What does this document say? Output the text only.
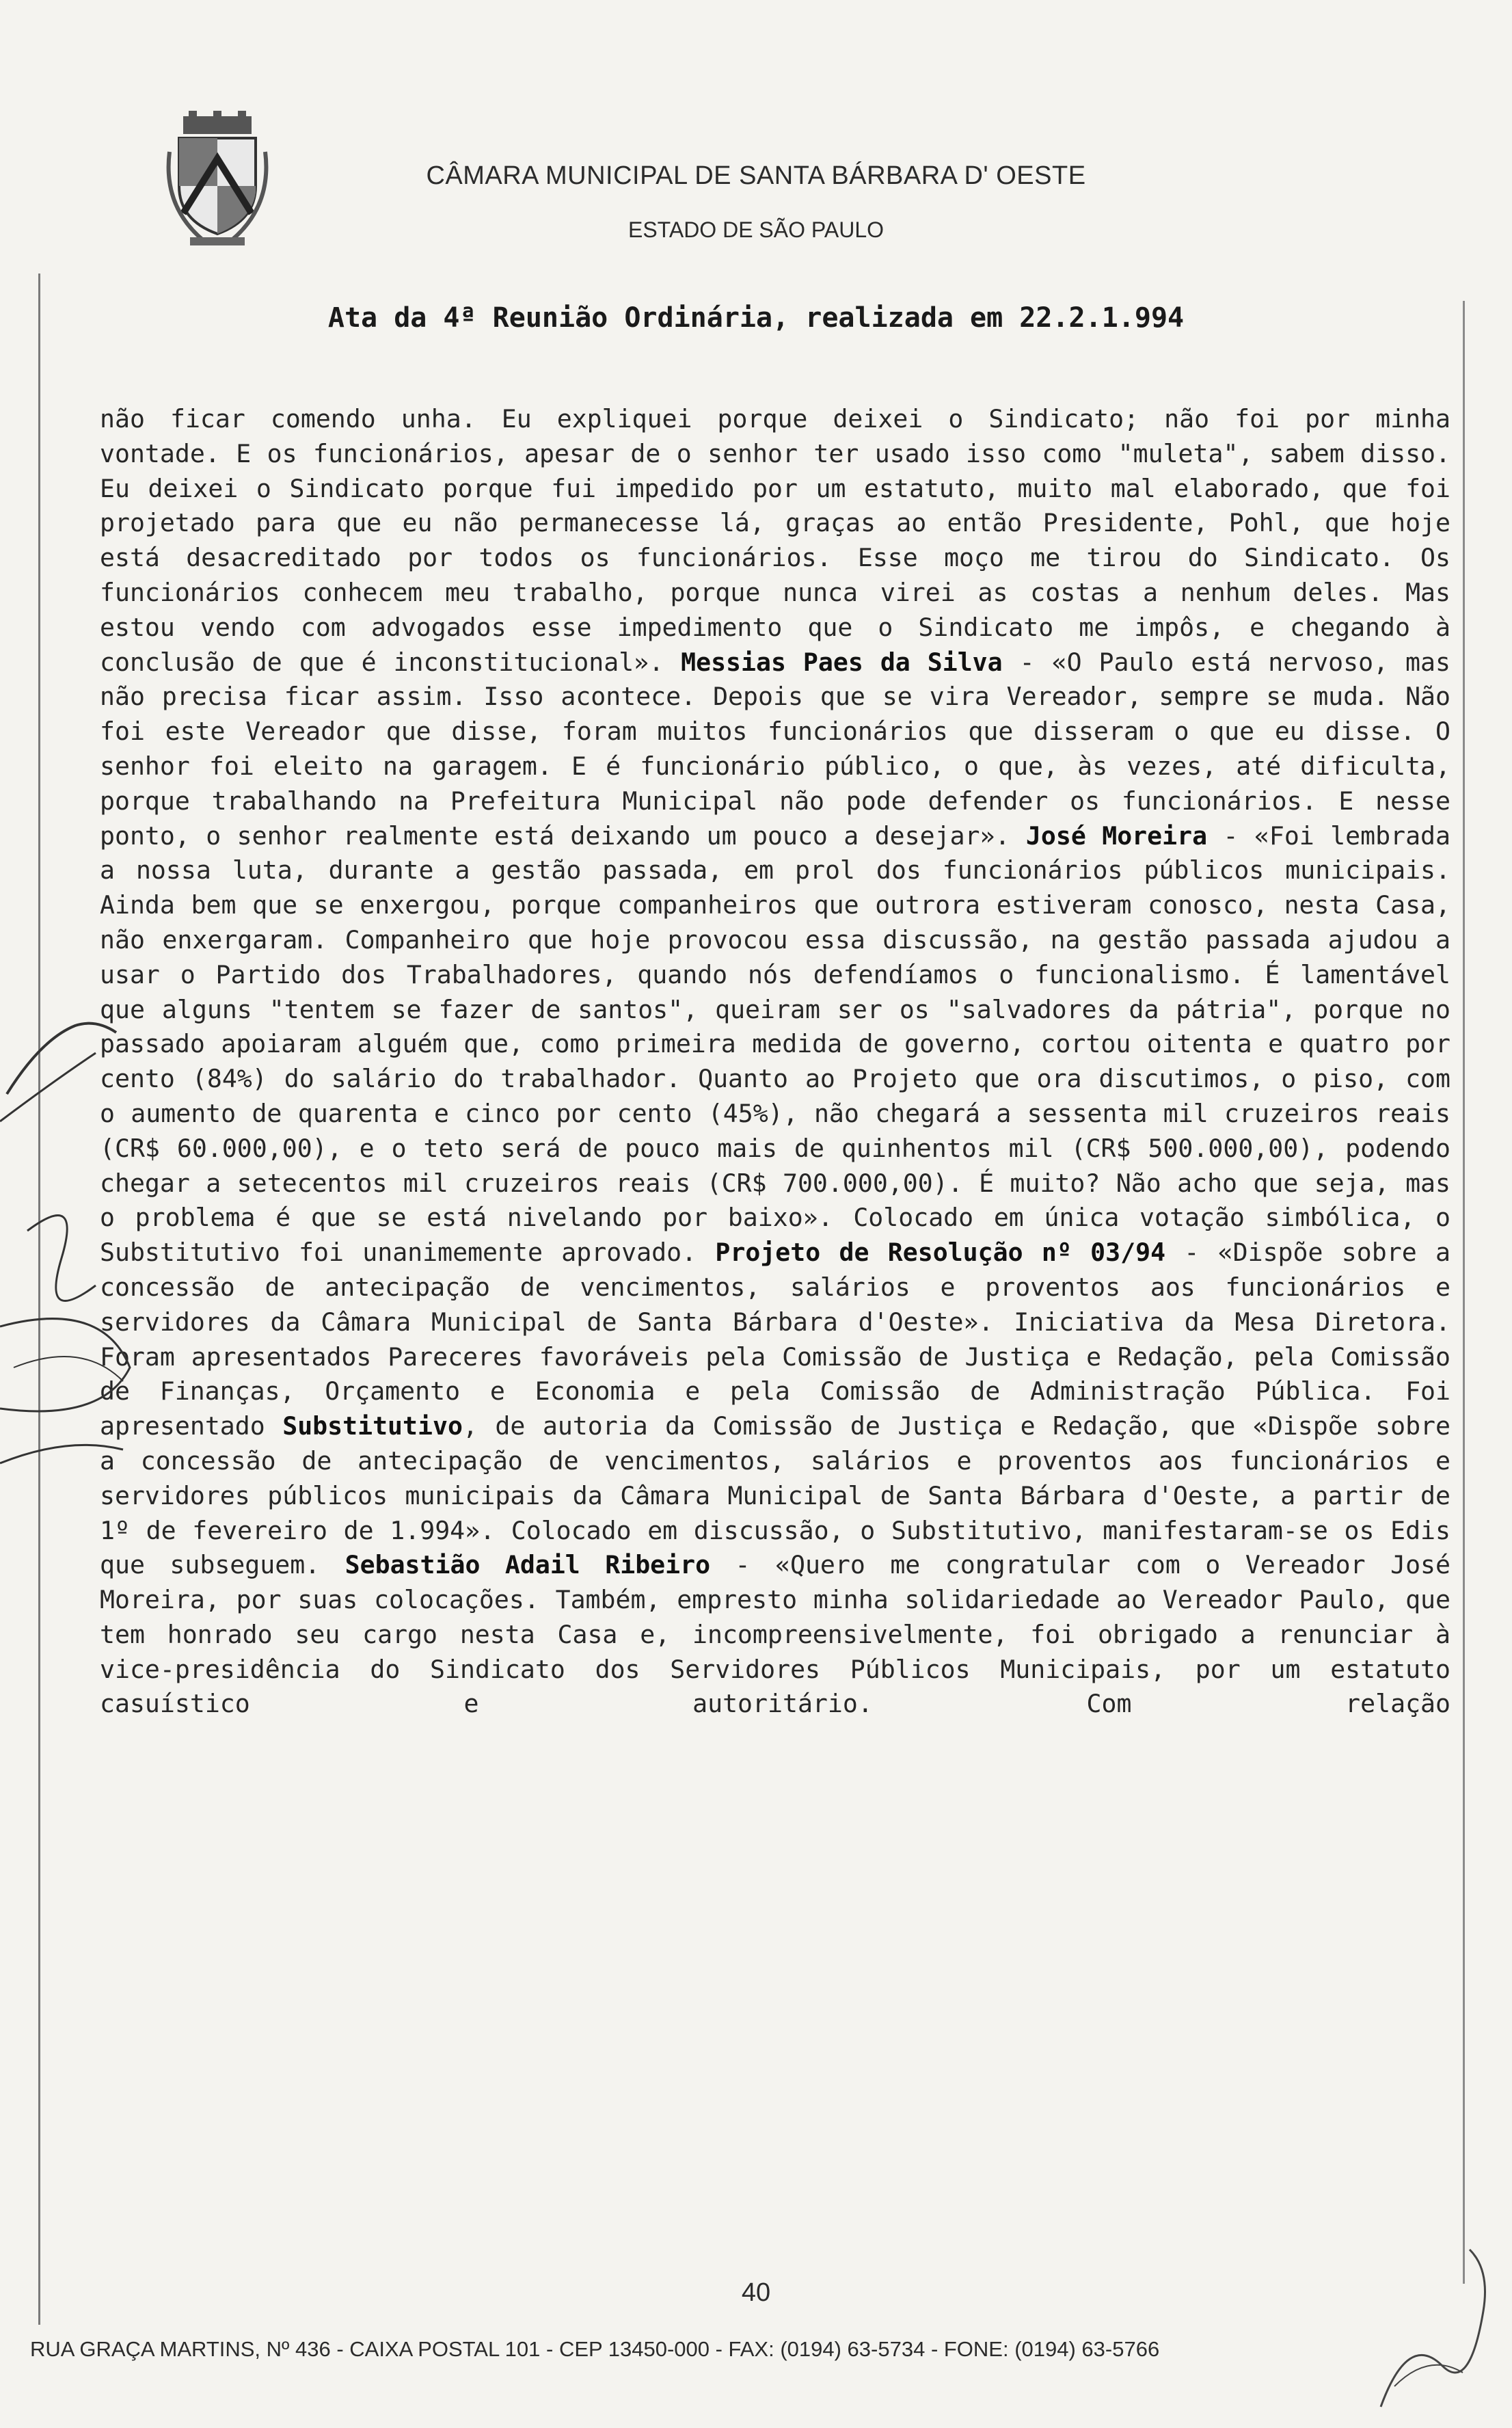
CÂMARA MUNICIPAL DE SANTA BÁRBARA D' OESTE
ESTADO DE SÃO PAULO
Ata da 4ª Reunião Ordinária, realizada em 22.2.1.994

não ficar comendo unha. Eu expliquei porque deixei o Sindicato; não foi por minha vontade. E os funcionários, apesar de o senhor ter usado isso como "muleta", sabem disso. Eu deixei o Sindicato porque fui impedido por um estatuto, muito mal elaborado, que foi projetado para que eu não permanecesse lá, graças ao então Presidente, Pohl, que hoje está desacreditado por todos os funcionários. Esse moço me tirou do Sindicato. Os funcionários conhecem meu trabalho, porque nunca virei as costas a nenhum deles. Mas estou vendo com advogados esse impedimento que o Sindicato me impôs, e chegando à conclusão de que é inconstitucional». Messias Paes da Silva - «O Paulo está nervoso, mas não precisa ficar assim. Isso acontece. Depois que se vira Vereador, sempre se muda. Não foi este Vereador que disse, foram muitos funcionários que disseram o que eu disse. O senhor foi eleito na garagem. E é funcionário público, o que, às vezes, até dificulta, porque trabalhando na Prefeitura Municipal não pode defender os funcionários. E nesse ponto, o senhor realmente está deixando um pouco a desejar». José Moreira - «Foi lembrada a nossa luta, durante a gestão passada, em prol dos funcionários públicos municipais. Ainda bem que se enxergou, porque companheiros que outrora estiveram conosco, nesta Casa, não enxergaram. Companheiro que hoje provocou essa discussão, na gestão passada ajudou a usar o Partido dos Trabalhadores, quando nós defendíamos o funcionalismo. É lamentável que alguns "tentem se fazer de santos", queiram ser os "salvadores da pátria", porque no passado apoiaram alguém que, como primeira medida de governo, cortou oitenta e quatro por cento (84%) do salário do trabalhador. Quanto ao Projeto que ora discutimos, o piso, com o aumento de quarenta e cinco por cento (45%), não chegará a sessenta mil cruzeiros reais (CR$ 60.000,00), e o teto será de pouco mais de quinhentos mil (CR$ 500.000,00), podendo chegar a setecentos mil cruzeiros reais (CR$ 700.000,00). É muito? Não acho que seja, mas o problema é que se está nivelando por baixo». Colocado em única votação simbólica, o Substitutivo foi unanimemente aprovado. Projeto de Resolução nº 03/94 - «Dispõe sobre a concessão de antecipação de vencimentos, salários e proventos aos funcionários e servidores da Câmara Municipal de Santa Bárbara d'Oeste». Iniciativa da Mesa Diretora. Foram apresentados Pareceres favoráveis pela Comissão de Justiça e Redação, pela Comissão de Finanças, Orçamento e Economia e pela Comissão de Administração Pública. Foi apresentado Substitutivo, de autoria da Comissão de Justiça e Redação, que «Dispõe sobre a concessão de antecipação de vencimentos, salários e proventos aos funcionários e servidores públicos municipais da Câmara Municipal de Santa Bárbara d'Oeste, a partir de 1º de fevereiro de 1.994». Colocado em discussão, o Substitutivo, manifestaram-se os Edis que subseguem. Sebastião Adail Ribeiro - «Quero me congratular com o Vereador José Moreira, por suas colocações. Também, empresto minha solidariedade ao Vereador Paulo, que tem honrado seu cargo nesta Casa e, incompreensivelmente, foi obrigado a renunciar à vice-presidência do Sindicato dos Servidores Públicos Municipais, por um estatuto casuístico e autoritário. Com relação

40
RUA GRAÇA MARTINS, Nº 436 - CAIXA POSTAL 101 - CEP 13450-000 - FAX: (0194) 63-5734 - FONE: (0194) 63-5766
